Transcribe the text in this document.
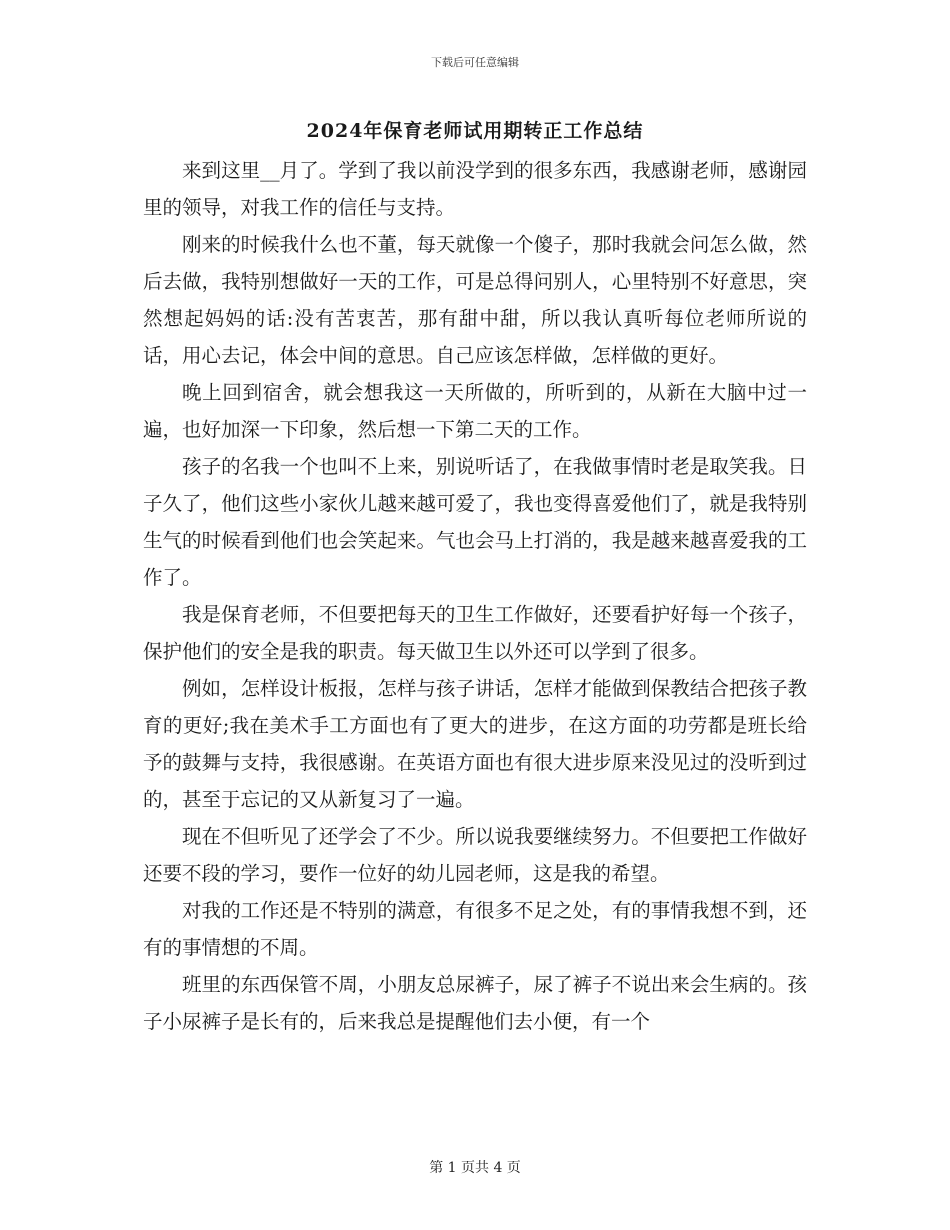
下载后可任意编辑
2024年保育老师试用期转正工作总结

来到这里__月了。学到了我以前没学到的很多东西，我感谢老师，感谢园里的领导，对我工作的信任与支持。

刚来的时候我什么也不董，每天就像一个傻子，那时我就会问怎么做，然后去做，我特别想做好一天的工作，可是总得问别人，心里特别不好意思，突然想起妈妈的话:没有苦衷苦，那有甜中甜，所以我认真听每位老师所说的话，用心去记，体会中间的意思。自己应该怎样做，怎样做的更好。

晚上回到宿舍，就会想我这一天所做的，所听到的，从新在大脑中过一遍，也好加深一下印象，然后想一下第二天的工作。

孩子的名我一个也叫不上来，别说听话了，在我做事情时老是取笑我。日子久了，他们这些小家伙儿越来越可爱了，我也变得喜爱他们了，就是我特别生气的时候看到他们也会笑起来。气也会马上打消的，我是越来越喜爱我的工作了。

我是保育老师，不但要把每天的卫生工作做好，还要看护好每一个孩子，保护他们的安全是我的职责。每天做卫生以外还可以学到了很多。

例如，怎样设计板报，怎样与孩子讲话，怎样才能做到保教结合把孩子教育的更好;我在美术手工方面也有了更大的进步，在这方面的功劳都是班长给予的鼓舞与支持，我很感谢。在英语方面也有很大进步原来没见过的没听到过的，甚至于忘记的又从新复习了一遍。

现在不但听见了还学会了不少。所以说我要继续努力。不但要把工作做好还要不段的学习，要作一位好的幼儿园老师，这是我的希望。

对我的工作还是不特别的满意，有很多不足之处，有的事情我想不到，还有的事情想的不周。

班里的东西保管不周，小朋友总尿裤子，尿了裤子不说出来会生病的。孩子小尿裤子是长有的，后来我总是提醒他们去小便，有一个

第 1 页共 4 页
